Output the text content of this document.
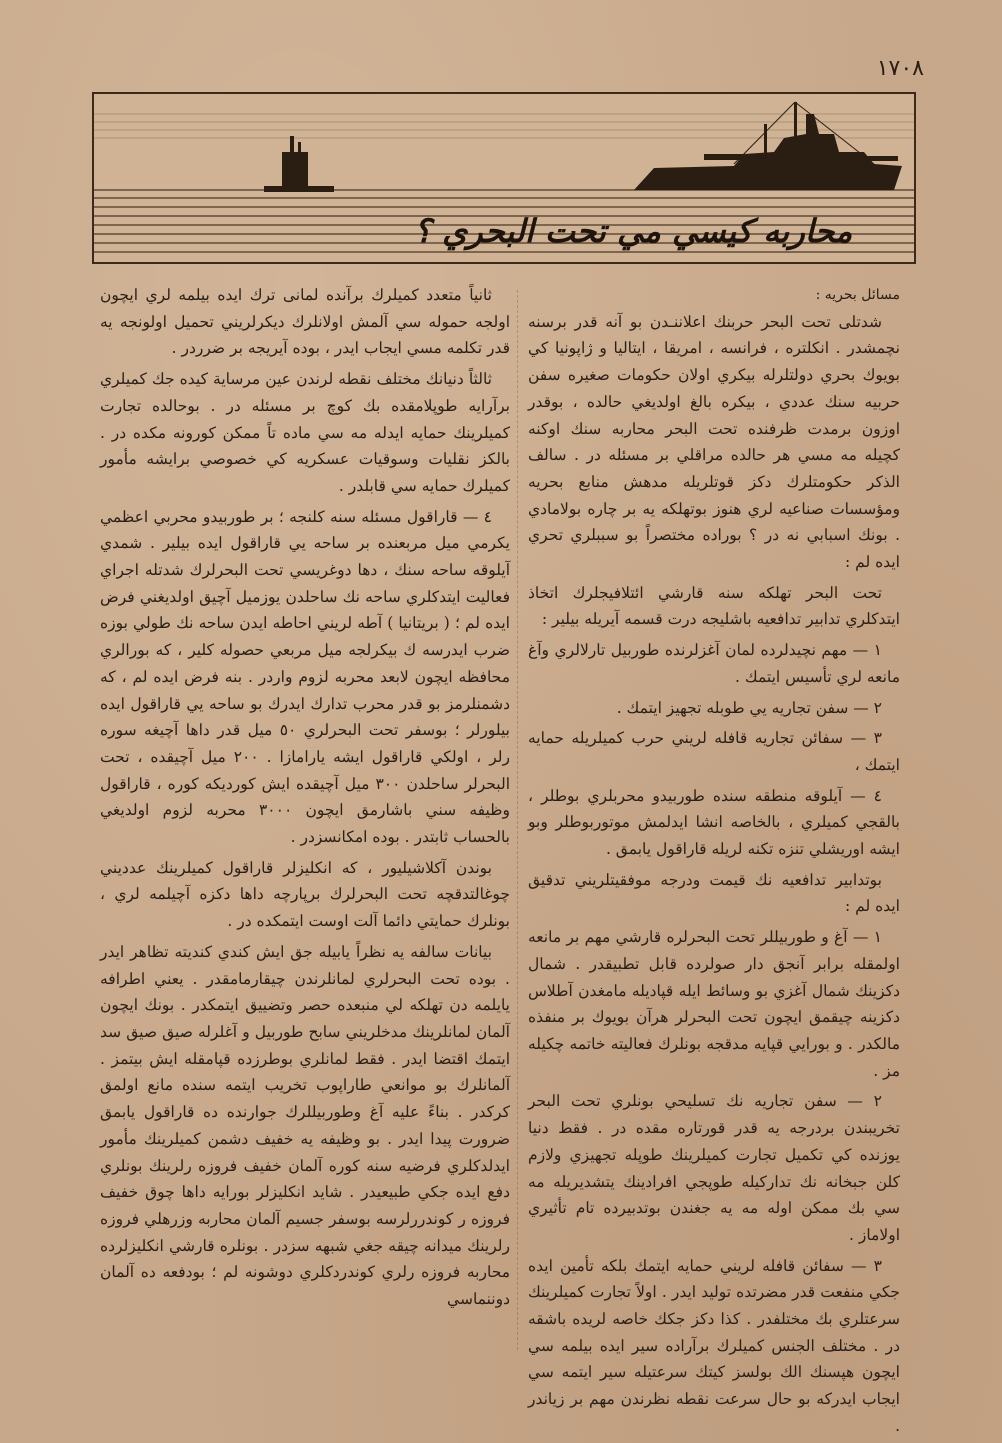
١٧٠٨
محاربه كيسي مي تحت البحري ؟

مسائل بحريه :

شدتلى تحت البحر حربنك اعلاننـدن بو آنه قدر برسنه نچمشدر . انكلتره ، فرانسه ، امريقا ، ايتاليا و ژاپونيا كي بويوك بحري دولتلرله بيكري اولان حكومات صغيره سفن حربيه سنك عددي ، بيكره بالغ اولديغي حالده ، بوقدر اوزون برمدت ظرفنده تحت البحر محاربه سنك اوكنه كچيله مه مسي هر حالده مراقلي بر مسئله در . سالف الذكر حكومتلرك دكز قوتلريله مدهش منابع بحريه ومؤسسات صناعيه لري هنوز بوتهلكه يه بر چاره بولامادي . بونك اسبابي نه در ؟ بوراده مختصراً بو سببلري تحري ايده لم :

تحت البحر تهلكه سنه قارشي ائتلافيجلرك اتخاذ ايتدكلري تدابير تدافعيه باشليجه درت قسمه آيريله بيلير :

١ — مهم نچيدلرده لمان آغزلرنده طوربيل تارلالري وآغ مانعه لري تأسيس ايتمك .

٢ — سفن تجاريه يي طوبله تجهيز ايتمك .

٣ — سفائن تجاريه قافله لريني حرب كميلريله حمايه ايتمك ،

٤ — آيلوقه منطقه سنده طوربيدو محربلري بوطلر ، بالقجي كميلري ، بالخاصه انشا ايدلمش موتوربوطلر وبو ايشه اوريشلي تنزه تكنه لريله قاراقول يابمق .

بوتدابير تدافعيه نك قيمت ودرجه موفقيتلريني تدقيق ايده لم :

١ — آغ و طوربيللر تحت البحرلره قارشي مهم بر مانعه اولمقله برابر آنجق دار صولرده قابل تطبيقدر . شمال دكزينك شمال آغزي بو وسائط ايله قپاديله مامغدن آطلاس دكزينه چيقمق ايچون تحت البحرلر هرآن بويوك بر منفذه مالكدر . و بورايي قپايه مدقجه بونلرك فعاليته خاتمه چكيله مز .

٢ — سفن تجاريه نك تسليحي بونلري تحت البحر تخريبندن بردرجه يه قدر قورتاره مقده در . فقط دنيا يوزنده كي تكميل تجارت كميلرينك طوپله تجهيزي ولازم كلن جبخانه نك تداركيله طوپجي افرادينك يتشديريله مه سي بك ممكن اوله مه يه جغندن بوتدبيرده تام تأثيري اولاماز .

٣ — سفائن قافله لريني حمايه ايتمك بلكه تأمين ايده جكي منفعت قدر مضرتده توليد ايدر . اولاً تجارت كميلرينك سرعتلري بك مختلفدر . كذا دكز جكك خاصه لريده باشقه در . مختلف الجنس كميلرك برآراده سير ايده بيلمه سي ايچون هپسنك الك بولسز كيتك سرعتيله سير ايتمه سي ايجاب ايدركه بو حال سرعت نقطه نظرندن مهم بر زياندر .

ثانياً متعدد كميلرك برآنده لمانى ترك ايده بيلمه لري ايچون اولجه حموله سي آلمش اولانلرك ديكرلريني تحميل اولونجه يه قدر تكلمه مسي ايجاب ايدر ، بوده آيريجه بر ضرردر .

ثالثاً دنيانك مختلف نقطه لرندن عين مرساية كيده جك كميلري برآرايه طوپلامقده بك كوچ بر مسئله در . بوحالده تجارت كميلرينك حمايه ايدله مه سي ماده تاً ممكن كورونه مكده در . بالكز نقليات وسوقيات عسكريه كي خصوصي برايشه مأمور كميلرك حمايه سي قابلدر .

٤ — قاراقول مسئله سنه كلنجه ؛ بر طوربيدو محربي اعظمي يكرمي ميل مربعنده بر ساحه يي قاراقول ايده بيلير . شمدي آيلوقه ساحه سنك ، دها دوغريسي تحت البحرلرك شدتله اجراي فعاليت ايتدكلري ساحه نك ساحلدن يوزميل آچيق اولديغني فرض ايده لم ؛ ( بريتانيا ) آطه لريني احاطه ايدن ساحه نك طولي بوزه ضرب ايدرسه ك بيكرلجه ميل مربعي حصوله كلير ، كه بورالري محافظه ايچون لابعد محربه لزوم واردر . بنه فرض ايده لم ، كه دشمنلرمز بو قدر محرب تدارك ايدرك بو ساحه يي قاراقول ايده بيلورلر ؛ بوسفر تحت البحرلري ٥٠ ميل قدر داها آچيغه سوره رلر ، اولكي قاراقول ايشه يارامازا . ٢٠٠ ميل آچيقده ، تحت البحرلر ساحلدن ٣٠٠ ميل آچيقده ايش كورديكه كوره ، قاراقول وظيفه سني باشارمق ايچون ٣٠٠٠ محربه لزوم اولديغي بالحساب ثابتدر . بوده امكانسزدر .

بوندن آكلاشيليور ، كه انكليزلر قاراقول كميلرينك عدديني چوغالتدقچه تحت البحرلرك برپارچه داها دكزه آچيلمه لري ، بونلرك حمايتي دائما آلت اوست ايتمكده در .

بيانات سالفه يه نظراً يابيله جق ايش كندي كنديته تظاهر ايدر . بوده تحت البحرلري لمانلرندن چيقارمامقدر . يعني اطرافه يايلمه دن تهلكه لي منبعده حصر وتضييق ايتمكدر . بونك ايچون آلمان لمانلرينك مدخلريني سابح طوربيل و آغلرله صيق صيق سد ايتمك اقتضا ايدر . فقط لمانلري بوطرزده قپامقله ايش بيتمز . آلمانلرك بو موانعي طاراپوب تخريب ايتمه سنده مانع اولمق كركدر . بناءً عليه آغ وطوربيللرك جوارنده ده قاراقول يابمق ضرورت پيدا ايدر . بو وظيفه يه خفيف دشمن كميلرينك مأمور ايدلدكلري فرضيه سنه كوره آلمان خفيف فروزه رلرينك بونلري دفع ايده جكي طبيعيدر . شايد انكليزلر بورايه داها چوق خفيف فروزه ر كوندررلرسه بوسفر جسيم آلمان محاربه وزرهلي فروزه رلرينك ميدانه چيقه جغي شبهه سزدر . بونلره قارشي انكليزلرده محاربه فروزه رلري كوندردكلري دوشونه لم ؛ بودفعه ده آلمان دوننماسي
